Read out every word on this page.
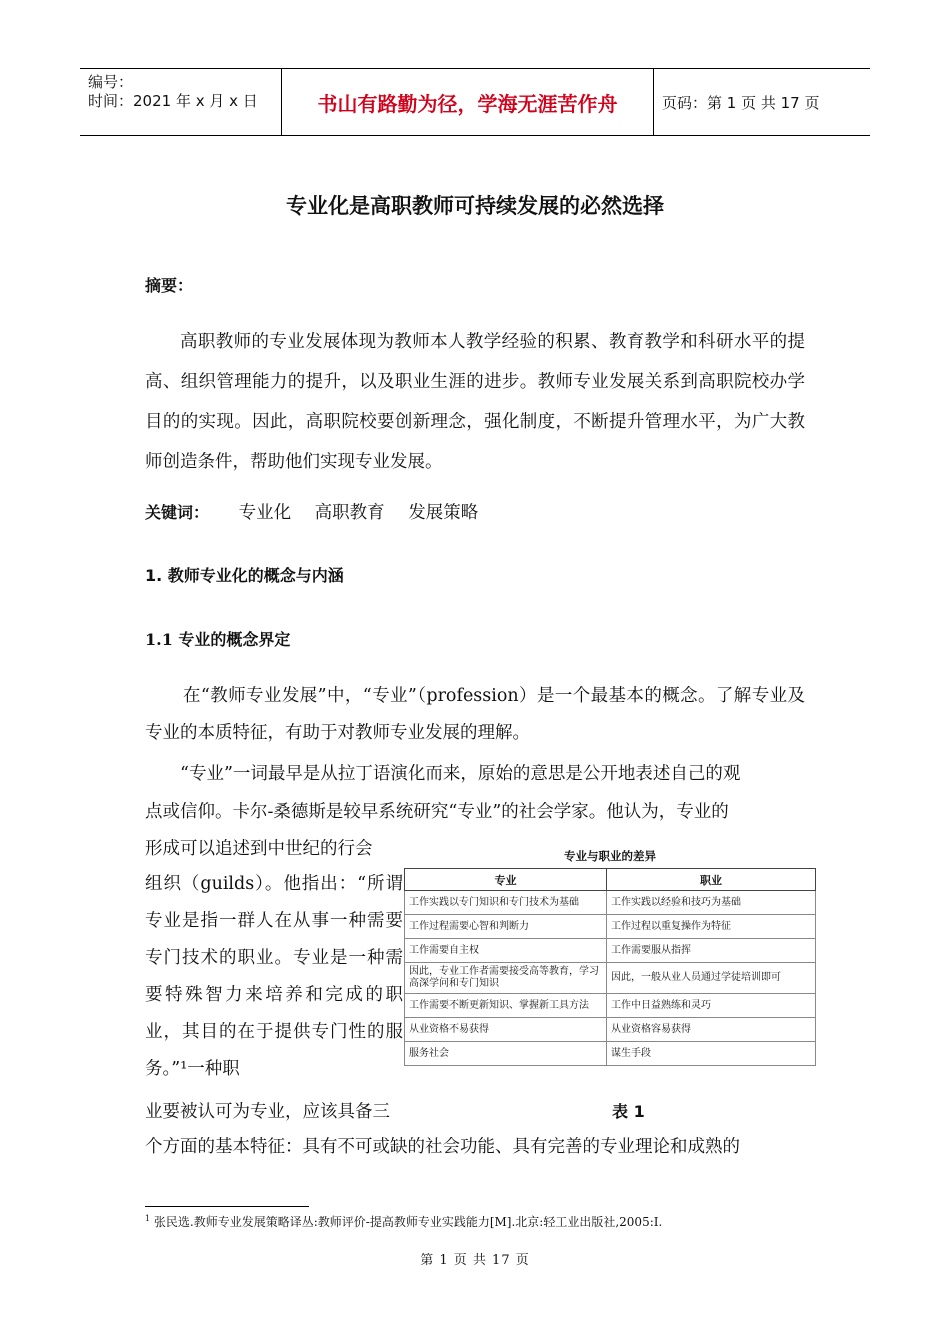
编号：
时间：2021 年 x 月 x 日	书山有路勤为径，学海无涯苦作舟	页码：第 1 页 共 17 页
专业化是高职教师可持续发展的必然选择
摘要：
高职教师的专业发展体现为教师本人教学经验的积累、教育教学和科研水平的提高、组织管理能力的提升，以及职业生涯的进步。教师专业发展关系到高职院校办学目的的实现。因此，高职院校要创新理念，强化制度，不断提升管理水平，为广大教师创造条件，帮助他们实现专业发展。
关键词： 专业化 高职教育 发展策略
1. 教师专业化的概念与内涵
1.1 专业的概念界定
在“教师专业发展”中，“专业”（profession）是一个最基本的概念。了解专业及专业的本质特征，有助于对教师专业发展的理解。
“专业”一词最早是从拉丁语演化而来，原始的意思是公开地表述自己的观
点或信仰。卡尔-桑德斯是较早系统研究“专业”的社会学家。他认为，专业的
形成可以追述到中世纪的行会
组织（guilds）。他指出：“所谓专业是指一群人在从事一种需要专门技术的职业。专业是一种需要特殊智力来培养和完成的职业，其目的在于提供专门性的服务。”¹一种职
业要被认可为专业，应该具备三
个方面的基本特征：具有不可或缺的社会功能、具有完善的专业理论和成熟的
专业与职业的差异
专业	职业
工作实践以专门知识和专门技术为基础	工作实践以经验和技巧为基础
工作过程需要心智和判断力	工作过程以重复操作为特征
工作需要自主权	工作需要服从指挥
因此，专业工作者需要接受高等教育，学习高深学问和专门知识	因此，一般从业人员通过学徒培训即可
工作需要不断更新知识、掌握新工具方法	工作中日益熟练和灵巧
从业资格不易获得	从业资格容易获得
服务社会	谋生手段
表 1
$^1$ 张民选.教师专业发展策略译丛:教师评价-提高教师专业实践能力[M].北京:轻工业出版社,2005:I.
第 1 页 共 17 页
